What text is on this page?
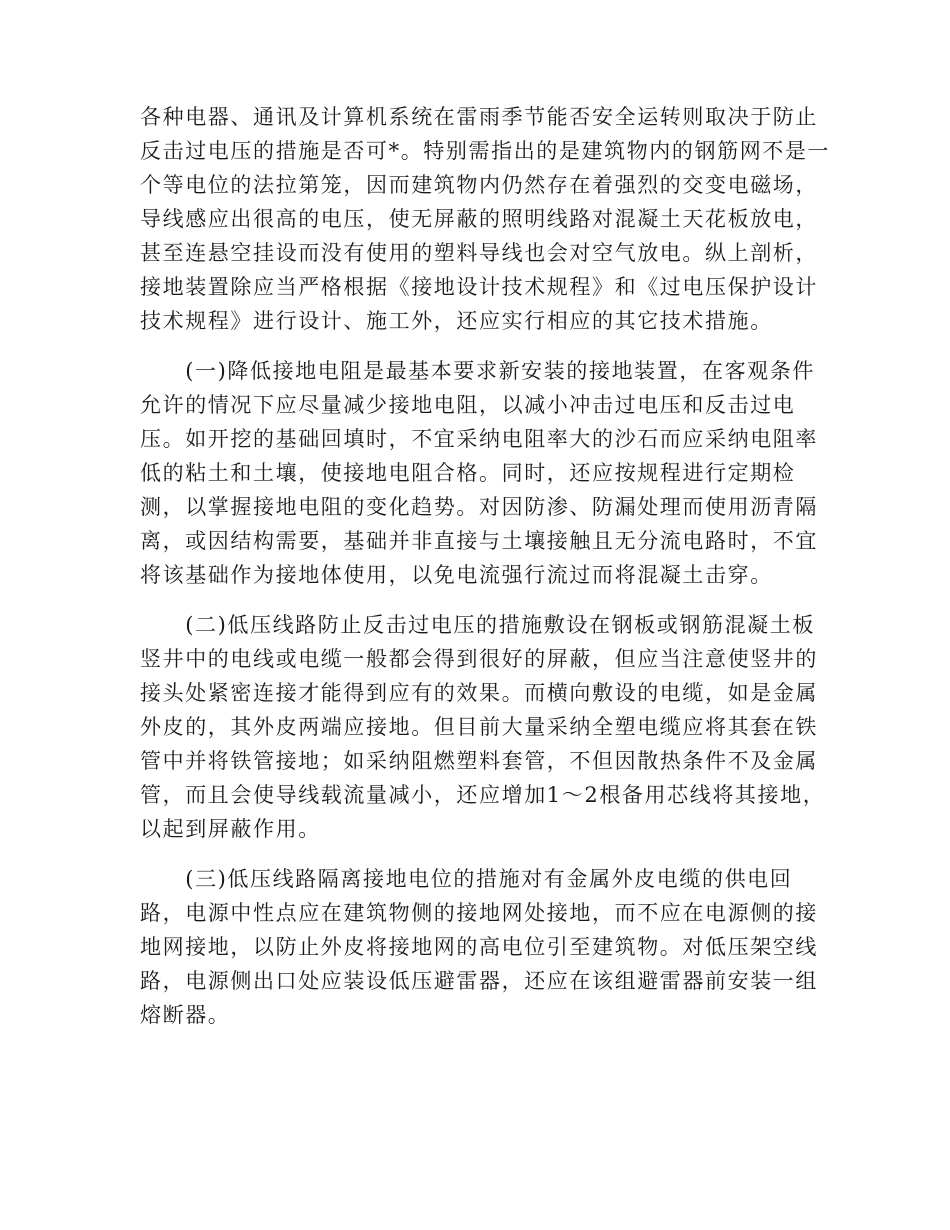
各种电器、通讯及计算机系统在雷雨季节能否安全运转则取决于防止
反击过电压的措施是否可*。特别需指出的是建筑物内的钢筋网不是一
个等电位的法拉第笼，因而建筑物内仍然存在着强烈的交变电磁场，
导线感应出很高的电压，使无屏蔽的照明线路对混凝土天花板放电，
甚至连悬空挂设而没有使用的塑料导线也会对空气放电。纵上剖析，
接地装置除应当严格根据《接地设计技术规程》和《过电压保护设计
技术规程》进行设计、施工外，还应实行相应的其它技术措施。
　　(一)降低接地电阻是最基本要求新安装的接地装置，在客观条件
允许的情况下应尽量减少接地电阻，以减小冲击过电压和反击过电
压。如开挖的基础回填时，不宜采纳电阻率大的沙石而应采纳电阻率
低的粘土和土壤，使接地电阻合格。同时，还应按规程进行定期检
测，以掌握接地电阻的变化趋势。对因防渗、防漏处理而使用沥青隔
离，或因结构需要，基础并非直接与土壤接触且无分流电路时，不宜
将该基础作为接地体使用，以免电流强行流过而将混凝土击穿。
　　(二)低压线路防止反击过电压的措施敷设在钢板或钢筋混凝土板
竖井中的电线或电缆一般都会得到很好的屏蔽，但应当注意使竖井的
接头处紧密连接才能得到应有的效果。而横向敷设的电缆，如是金属
外皮的，其外皮两端应接地。但目前大量采纳全塑电缆应将其套在铁
管中并将铁管接地；如采纳阻燃塑料套管，不但因散热条件不及金属
管，而且会使导线载流量减小，还应增加1～2根备用芯线将其接地，
以起到屏蔽作用。
　　(三)低压线路隔离接地电位的措施对有金属外皮电缆的供电回
路，电源中性点应在建筑物侧的接地网处接地，而不应在电源侧的接
地网接地，以防止外皮将接地网的高电位引至建筑物。对低压架空线
路，电源侧出口处应装设低压避雷器，还应在该组避雷器前安装一组
熔断器。
